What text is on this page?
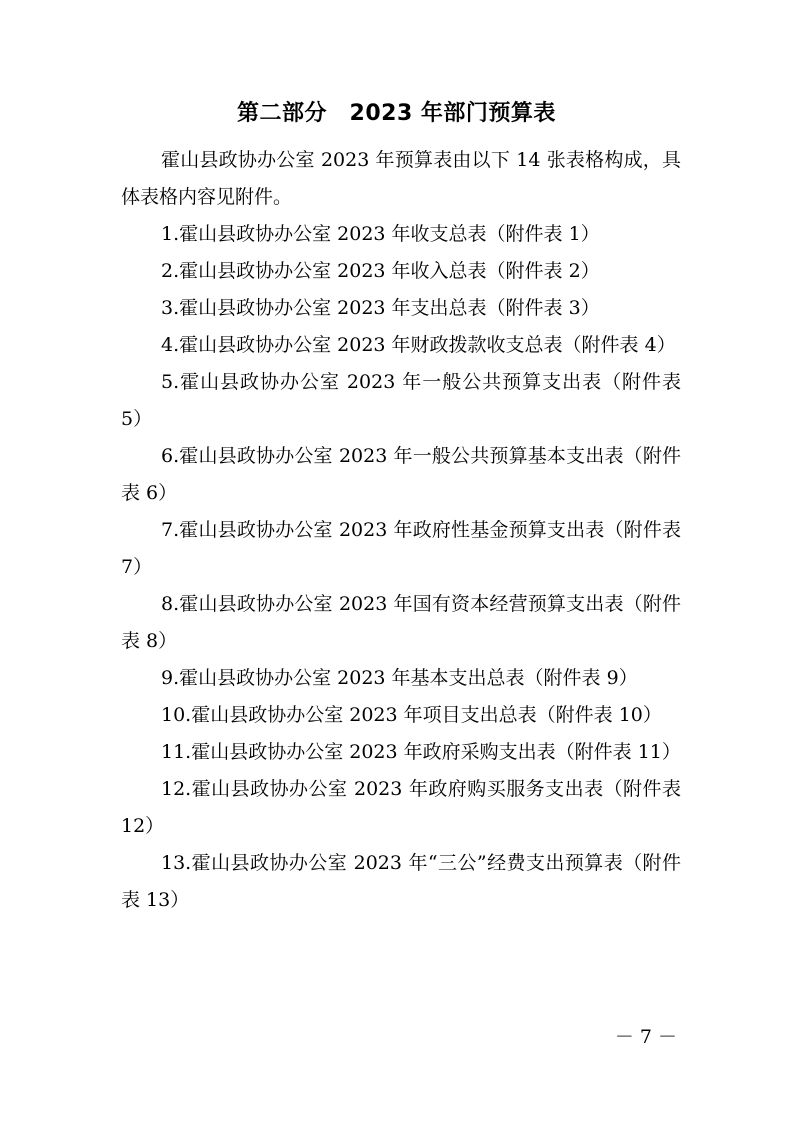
第二部分　2023 年部门预算表

霍山县政协办公室 2023 年预算表由以下 14 张表格构成，具体表格内容见附件。

1.霍山县政协办公室 2023 年收支总表（附件表 1）

2.霍山县政协办公室 2023 年收入总表（附件表 2）

3.霍山县政协办公室 2023 年支出总表（附件表 3）

4.霍山县政协办公室 2023 年财政拨款收支总表（附件表 4）

5.霍山县政协办公室 2023 年一般公共预算支出表（附件表 5）

6.霍山县政协办公室 2023 年一般公共预算基本支出表（附件表 6）

7.霍山县政协办公室 2023 年政府性基金预算支出表（附件表 7）

8.霍山县政协办公室 2023 年国有资本经营预算支出表（附件表 8）

9.霍山县政协办公室 2023 年基本支出总表（附件表 9）

10.霍山县政协办公室 2023 年项目支出总表（附件表 10）

11.霍山县政协办公室 2023 年政府采购支出表（附件表 11）

12.霍山县政协办公室 2023 年政府购买服务支出表（附件表 12）

13.霍山县政协办公室 2023 年“三公”经费支出预算表（附件表 13）

－ 7 －
